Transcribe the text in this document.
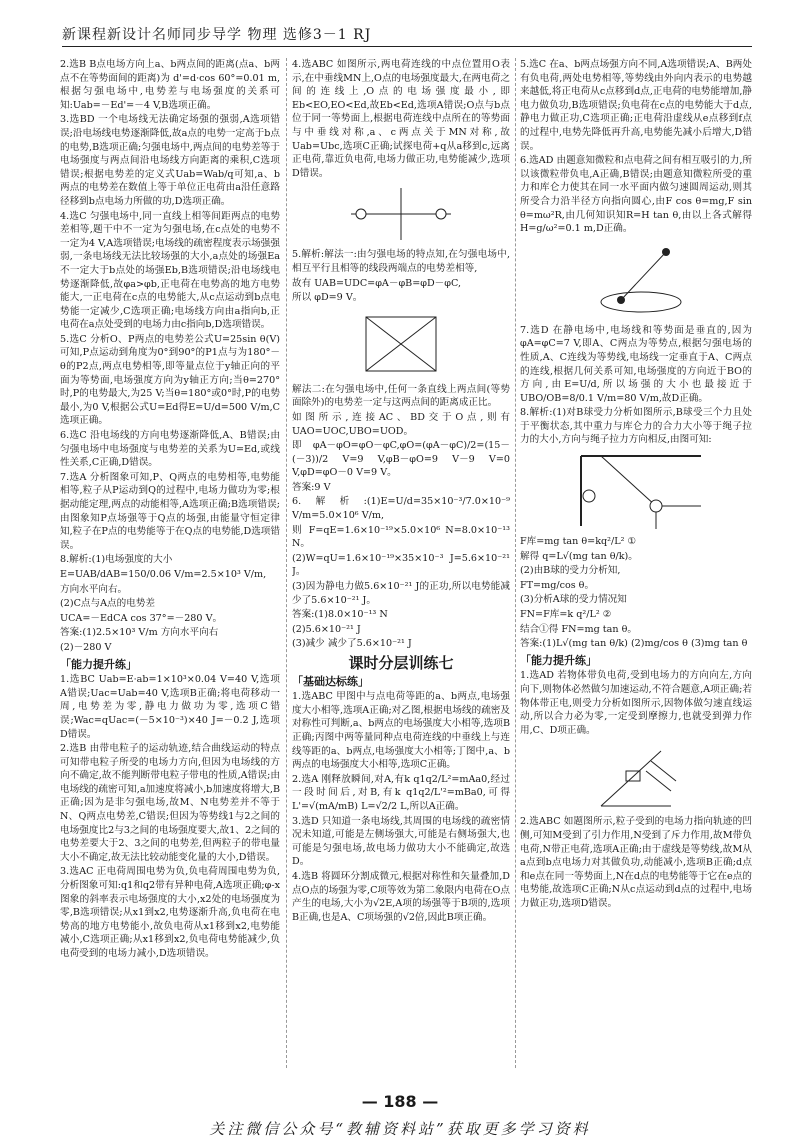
新课程新设计名师同步导学 物理 选修3－1 RJ

2.选B B点电场方向上a、b两点间的距离(点a、b两点不在等势面间的距离)为 d'=d·cos 60°=0.01 m,根据匀强电场中,电势差与电场强度的关系可知:Uab=－Ed'=－4 V,B选项正确。

3.选BD 一个电场线无法确定场强的强弱,A选项错误;沿电场线电势逐渐降低,故a点的电势一定高于b点的电势,B选项正确;匀强电场中,两点间的电势差等于电场强度与两点间沿电场线方向距离的乘积,C选项错误;根据电势差的定义式Uab=Wab/q可知,a、b两点的电势差在数值上等于单位正电荷由a沿任意路径移到b点电场力所做的功,D选项正确。

4.选C 匀强电场中,同一直线上相等间距两点的电势差相等,题干中不一定为匀强电场,在c点处的电势不一定为4 V,A选项错误;电场线的疏密程度表示场强强弱,一条电场线无法比较场强的大小,a点处的场强Ea不一定大于b点处的场强Eb,B选项错误;沿电场线电势逐渐降低,故φa>φb,正电荷在电势高的地方电势能大,一正电荷在c点的电势能大,从c点运动到b点电势能一定减少,C选项正确;电场线方向由a指向b,正电荷在a点处受到的电场力由c指向b,D选项错误。

5.选C 分析O、P两点的电势差公式U=25sin θ(V)可知,P点运动到角度为0°到90°的P1点与为180°－θ的P2点,两点电势相等,即等量点位于y轴正向的平面为等势面,电场强度方向为y轴正方向;当θ=270°时,P的电势最大,为25 V;当θ=180°或0°时,P的电势最小,为0 V,根据公式U=Ed得E=U/d=500 V/m,C选项正确。

6.选C 沿电场线的方向电势逐渐降低,A、B错误;由匀强电场中电场强度与电势差的关系为U=Ed,或线性关系,C正确,D错误。

7.选A 分析图象可知,P、Q两点的电势相等,电势能相等,粒子从P运动到Q的过程中,电场力做功为零;根据动能定理,两点的动能相等,A选项正确;B选项错误;由图象知P点场强等于Q点的场强,由能量守恒定律知,粒子在P点的电势能等于在Q点的电势能,D选项错误。

8.解析:(1)电场强度的大小

E=UAB/dAB=150/0.06 V/m=2.5×10³ V/m,

方向水平向右。

(2)C点与A点的电势差

UCA=－EdCA cos 37°=－280 V。

答案:(1)2.5×10³ V/m 方向水平向右

(2)－280 V

「能力提升练」

1.选BC Uab=E·ab=1×10³×0.04 V=40 V,选项A错误;Uac=Uab=40 V,选项B正确;将电荷移动一周,电势差为零,静电力做功为零,选项C错误;Wac=qUac=(－5×10⁻³)×40 J=－0.2 J,选项D错误。

2.选B 由带电粒子的运动轨迹,结合曲线运动的特点可知带电粒子所受的电场力方向,但因为电场线的方向不确定,故不能判断带电粒子带电的性质,A错误;由电场线的疏密可知,a加速度将减小,b加速度将增大,B正确;因为是非匀强电场,故M、N电势差并不等于N、Q两点电势差,C错误;但因为等势线1与2之间的电场强度比2与3之间的电场强度要大,故1、2之间的电势差要大于2、3之间的电势差,但两粒子的带电量大小不确定,故无法比较动能变化量的大小,D错误。

3.选AC 正电荷周围电势为负,负电荷周围电势为负,分析图象可知:q1和q2带有异种电荷,A选项正确;φ-x图象的斜率表示电场强度的大小,x2处的电场强度为零,B选项错误;从x1到x2,电势逐渐升高,负电荷在电势高的地方电势能小,故负电荷从x1移到x2,电势能减小,C选项正确;从x1移到x2,负电荷电势能减少,负电荷受到的电场力减小,D选项错误。

4.选ABC 如图所示,两电荷连线的中点位置用O表示,在中垂线MN上,O点的电场强度最大,在两电荷之间的连线上,O点的电场强度最小,即Eb<EO,EO<Ed,故Eb<Ed,选项A错误;O点与b点位于同一等势面上,根据电荷连线中点所在的等势面与中垂线对称,a、c两点关于MN对称,故Uab=Ubc,选项C正确;试探电荷+q从a移到c,远离正电荷,靠近负电荷,电场力做正功,电势能减少,选项D错误。

5.解析:解法一:由匀强电场的特点知,在匀强电场中,相互平行且相等的线段两端点的电势差相等,

故有 UAB=UDC=φA－φB=φD－φC,

所以 φD=9 V。

解法二:在匀强电场中,任何一条直线上两点间(等势面除外)的电势差一定与这两点间的距离成正比。

如图所示,连接AC、BD交于O点,则有 UAO=UOC,UBO=UOD。

即 φA－φO=φO－φC,φO=(φA－φC)/2=(15－(－3))/2 V=9 V,φB－φO=9 V－9 V=0 V,φD=φO－0 V=9 V。

答案:9 V

6.解析:(1)E=U/d=35×10⁻³/7.0×10⁻⁹ V/m=5.0×10⁶ V/m,

则 F=qE=1.6×10⁻¹⁹×5.0×10⁶ N=8.0×10⁻¹³ N。

(2)W=qU=1.6×10⁻¹⁹×35×10⁻³ J=5.6×10⁻²¹ J。

(3)因为静电力做5.6×10⁻²¹ J的正功,所以电势能减少了5.6×10⁻²¹ J。

答案:(1)8.0×10⁻¹³ N

(2)5.6×10⁻²¹ J

(3)减少 减少了5.6×10⁻²¹ J

课时分层训练七
「基础达标练」

1.选ABC 甲图中与点电荷等距的a、b两点,电场强度大小相等,选项A正确;对乙图,根据电场线的疏密及对称性可判断,a、b两点的电场强度大小相等,选项B正确;丙图中两等量同种点电荷连线的中垂线上与连线等距的a、b两点,电场强度大小相等;丁图中,a、b两点的电场强度大小相等,选项C正确。

2.选A 刚释放瞬间,对A,有k q1q2/L²=mAa0,经过一段时间后,对B,有k q1q2/L'²=mBa0,可得L'=√(mA/mB) L=√2/2 L,所以A正确。

3.选D 只知道一条电场线,其周围的电场线的疏密情况未知道,可能是左侧场强大,可能是右侧场强大,也可能是匀强电场,故电场力做功大小不能确定,故选D。

4.选B 将圆环分割成微元,根据对称性和矢量叠加,D点O点的场强为零,C项等效为第二象限内电荷在O点产生的电场,大小为√2E,A项的场强等于B项的,选项B正确,也是A、C项场强的√2倍,因此B项正确。

5.选C 在a、b两点场强方向不同,A选项错误;A、B两处有负电荷,两处电势相等,等势线由外向内表示的电势越来越低,将正电荷从c点移到d点,正电荷的电势能增加,静电力做负功,B选项错误;负电荷在c点的电势能大于d点,静电力做正功,C选项正确;正电荷沿虚线从e点移到f点的过程中,电势先降低再升高,电势能先减小后增大,D错误。

6.选AD 由题意知微粒和点电荷之间有相互吸引的力,所以该微粒带负电,A正确,B错误;由题意知微粒所受的重力和库仑力使其在同一水平面内做匀速圆周运动,则其所受合力沿半径方向指向圆心,由F cos θ=mg,F sin θ=mω²R,由几何知识知R=H tan θ,由以上各式解得H=g/ω²=0.1 m,D正确。

7.选D 在静电场中,电场线和等势面是垂直的,因为φA=φC=7 V,即A、C两点为等势点,根据匀强电场的性质,A、C连线为等势线,电场线一定垂直于A、C两点的连线,根据几何关系可知,电场强度的方向近于BO的方向,由E=U/d,所以场强的大小也最接近于UBO/OB=8/0.1 V/m=80 V/m,故D正确。

8.解析:(1)对B球受力分析如图所示,B球受三个力且处于平衡状态,其中重力与库仑力的合力大小等于绳子拉力的大小,方向与绳子拉力方向相反,由图可知:

F库=mg tan θ=kq²/L² ①

解得 q=L√(mg tan θ/k)。

(2)由B球的受力分析知,

FT=mg/cos θ。

(3)分析A球的受力情况知

FN=F库=k q²/L² ②

结合①得 FN=mg tan θ。

答案:(1)L√(mg tan θ/k) (2)mg/cos θ (3)mg tan θ

「能力提升练」

1.选AD 若物体带负电荷,受到电场力的方向向左,方向向下,则物体必然做匀加速运动,不符合题意,A项正确;若物体带正电,则受力分析如图所示,因物体做匀速直线运动,所以合力必为零,一定受到摩擦力,也就受到弹力作用,C、D项正确。

2.选ABC 如题图所示,粒子受到的电场力指向轨迹的凹侧,可知M受到了引力作用,N受到了斥力作用,故M带负电荷,N带正电荷,选项A正确;由于虚线是等势线,故M从a点到b点电场力对其做负功,动能减小,选项B正确;d点和e点在同一等势面上,N在d点的电势能等于它在e点的电势能,故选项C正确;N从c点运动到d点的过程中,电场力做正功,选项D错误。

— 188 —
关注微信公众号“教辅资料站”获取更多学习资料
